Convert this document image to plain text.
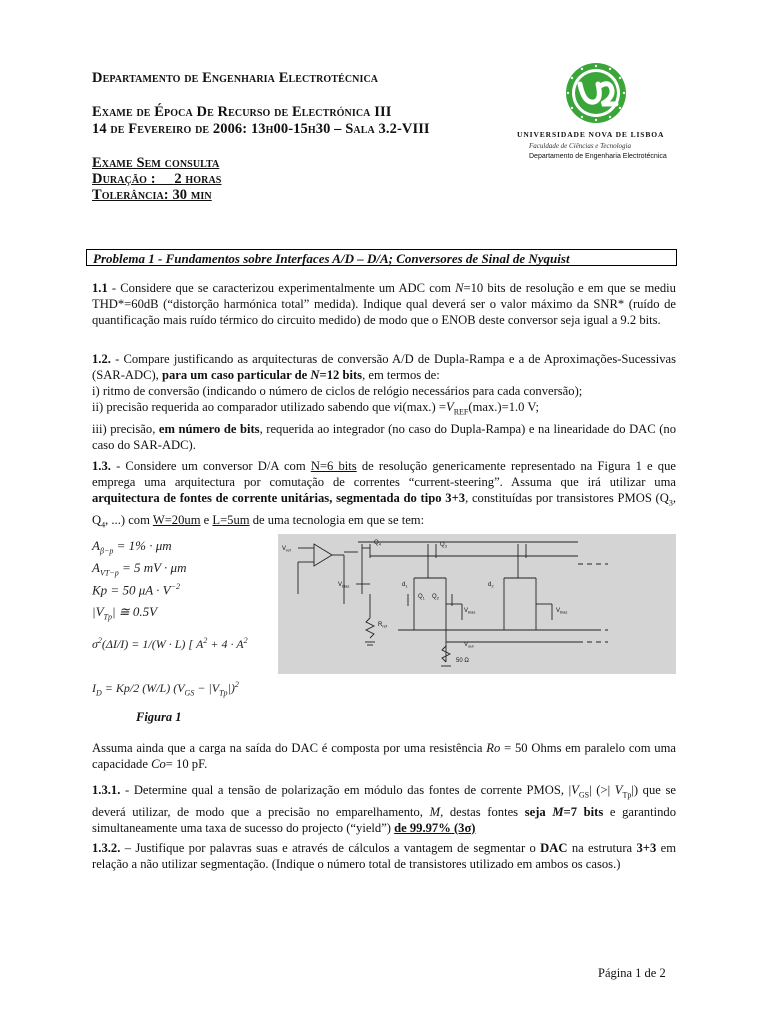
Departamento de Engenharia Electrotécnica
Exame de Época De Recurso de Electrónica III
14 de Fevereiro de 2006: 13h00-15h30 – Sala 3.2-VIII
Exame Sem consulta
Duração :     2 horas
Tolerância: 30 min
UNIVERSIDADE NOVA DE LISBOA
Faculdade de Ciências e Tecnologia
Departamento de Engenharia Electrotécnica
Problema 1 - Fundamentos sobre Interfaces A/D – D/A; Conversores de Sinal de Nyquist
1.1 - Considere que se caracterizou experimentalmente um ADC com N=10 bits de resolução e em que se mediu THD*=60dB (“distorção harmónica total” medida). Indique qual deverá ser o valor máximo da SNR* (ruído de quantificação mais ruído térmico do circuito medido) de modo que o ENOB deste conversor seja igual a 9.2 bits.
1.2. - Compare justificando as arquitecturas de conversão A/D de Dupla-Rampa e a de Aproximações-Sucessivas (SAR-ADC), para um caso particular de N=12 bits, em termos de:
i) ritmo de conversão (indicando o número de ciclos de relógio necessários para cada conversão);
ii) precisão requerida ao comparador utilizado sabendo que $vi(\max.) =V_{REF}(\max.)=1.0$ V;
iii) precisão, em número de bits, requerida ao integrador (no caso do Dupla-Rampa) e na linearidade do DAC (no caso do SAR-ADC).
1.3. - Considere um conversor D/A com N=6 bits de resolução genericamente representado na Figura 1 e que emprega uma arquitectura por comutação de correntes “current-steering”. Assuma que irá utilizar uma arquitectura de fontes de corrente unitárias, segmentada do tipo 3+3, constituídas por transistores PMOS ($Q_3$, $Q_4$, ...) com W=20um e L=5um de uma tecnologia em que se tem:
$A_{\beta-p} = 1\% \cdot \mu m$
$A_{VT-p} = 5$ mV · μm
Kp = 50 $\mu A \cdot V^{-2}$
$|V_{Tp}|$ ≅ 0.5V
$\sigma^2(\Delta I/I) = 1/(W \cdot L)$ [ $A^2 + 4 \cdot A^2$
$I_D = Kp/2$ (W/L) $(V_{GS} - |V_{Tp}|)^2$
Figura 1
$V_{ref}$
$Q_4$	$Q_3$
$V_{bias}$
$R_{ref}$
$d_1$
$Q_1$ $Q_2$
$V_{bias}$
$d_2$
$V_{bias}$
$V_{out}$
50 Ω
Assuma ainda que a carga na saída do DAC é composta por uma resistência Ro = 50 Ohms em paralelo com uma capacidade Co= 10 pF.
1.3.1. - Determine qual a tensão de polarização em módulo das fontes de corrente PMOS, $|V_{GS}|$ (>| $V_{Tp}|$) que se deverá utilizar, de modo que a precisão no emparelhamento, M, destas fontes seja M=7 bits e garantindo simultaneamente uma taxa de sucesso do projecto (“yield”) de 99.97% (3σ)
1.3.2. – Justifique por palavras suas e através de cálculos a vantagem de segmentar o DAC na estrutura 3+3 em relação a não utilizar segmentação. (Indique o número total de transistores utilizado em ambos os casos.)
Página 1 de 2
